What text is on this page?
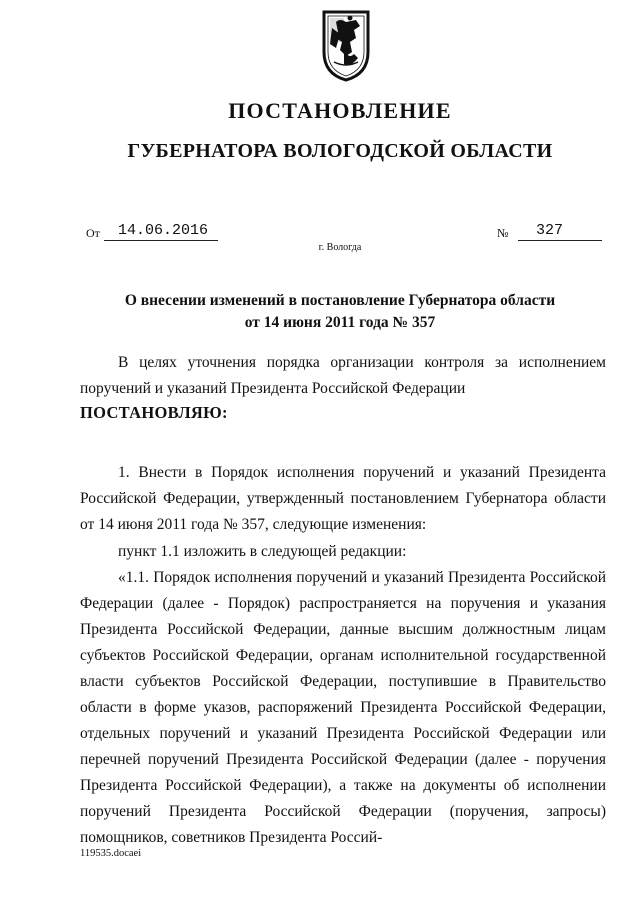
ПОСТАНОВЛЕНИЕ
ГУБЕРНАТОРА ВОЛОГОДСКОЙ ОБЛАСТИ
От 14.06.2016	№ 327
г. Вологда
О внесении изменений в постановление Губернатора области
от 14 июня 2011 года № 357

В целях уточнения порядка организации контроля за исполнением поручений и указаний Президента Российской Федерации

ПОСТАНОВЛЯЮ:

1. Внести в Порядок исполнения поручений и указаний Президента Российской Федерации, утвержденный постановлением Губернатора области от 14 июня 2011 года № 357, следующие изменения:

пункт 1.1 изложить в следующей редакции:

«1.1. Порядок исполнения поручений и указаний Президента Российской Федерации (далее - Порядок) распространяется на поручения и указания Президента Российской Федерации, данные высшим должностным лицам субъектов Российской Федерации, органам исполнительной государственной власти субъектов Российской Федерации, поступившие в Правительство области в форме указов, распоряжений Президента Российской Федерации, отдельных поручений и указаний Президента Российской Федерации или перечней поручений Президента Российской Федерации (далее - поручения Президента Российской Федерации), а также на документы об исполнении поручений Президента Российской Федерации (поручения, запросы) помощников, советников Президента Россий-

119535.docaei
